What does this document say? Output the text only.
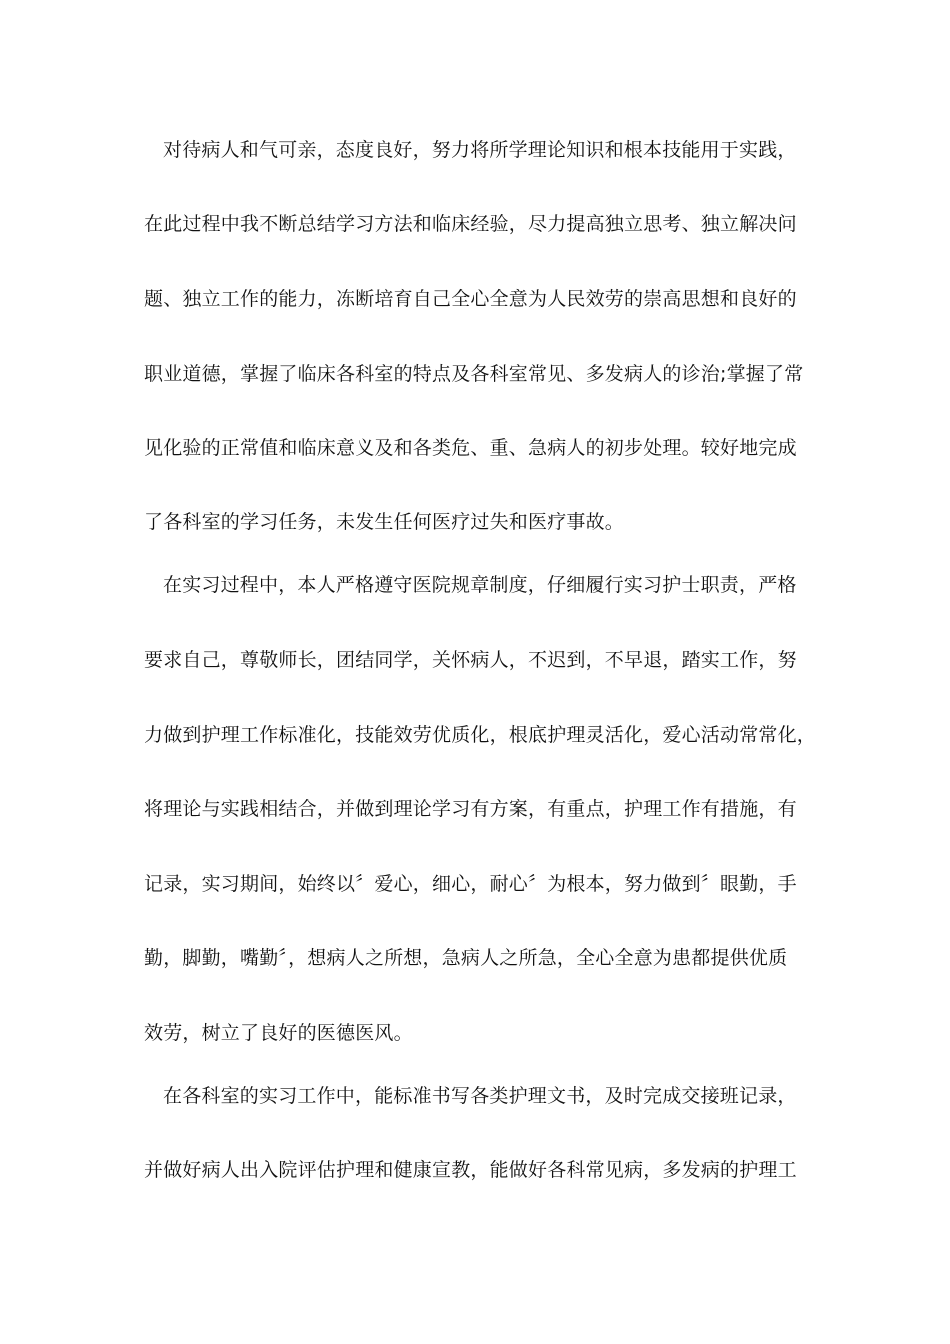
对待病人和气可亲，态度良好，努力将所学理论知识和根本技能用于实践，
在此过程中我不断总结学习方法和临床经验，尽力提高独立思考、独立解决问
题、独立工作的能力，冻断培育自己全心全意为人民效劳的崇高思想和良好的
职业道德，掌握了临床各科室的特点及各科室常见、多发病人的诊治;掌握了常
见化验的正常值和临床意义及和各类危、重、急病人的初步处理。较好地完成
了各科室的学习任务，未发生任何医疗过失和医疗事故。
在实习过程中，本人严格遵守医院规章制度，仔细履行实习护士职责，严格
要求自己，尊敬师长，团结同学，关怀病人，不迟到，不早退，踏实工作，努
力做到护理工作标准化，技能效劳优质化，根底护理灵活化，爱心活动常常化，
将理论与实践相结合，并做到理论学习有方案，有重点，护理工作有措施，有
记录，实习期间，始终以〞爱心，细心，耐心〞为根本，努力做到〞眼勤，手
勤，脚勤，嘴勤〞，想病人之所想，急病人之所急，全心全意为患都提供优质
效劳，树立了良好的医德医风。
在各科室的实习工作中，能标准书写各类护理文书，及时完成交接班记录，
并做好病人出入院评估护理和健康宣教，能做好各科常见病，多发病的护理工
